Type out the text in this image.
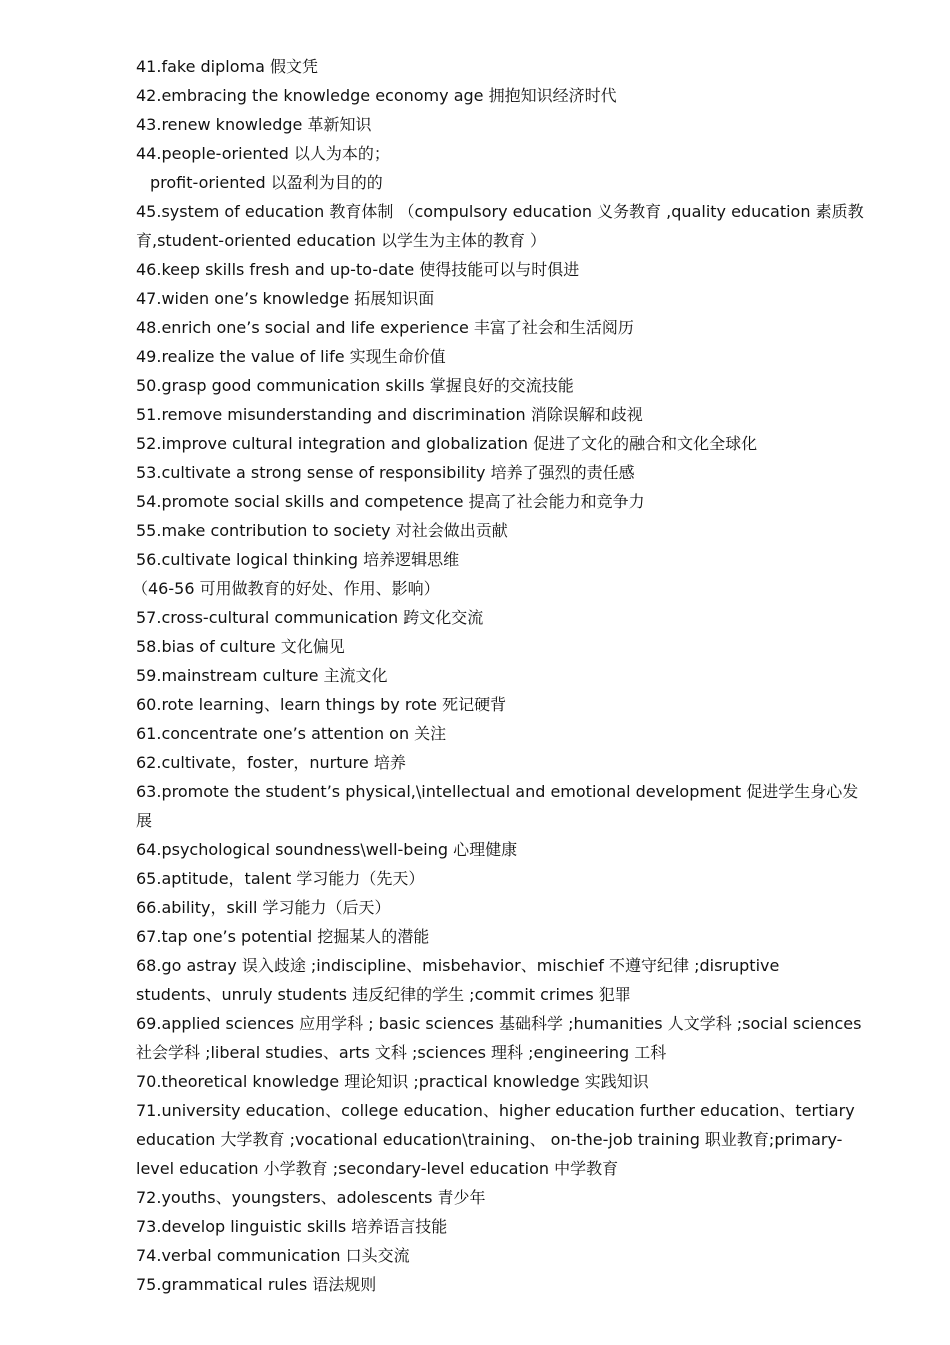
41.fake diploma 假文凭
42.embracing the knowledge economy age 拥抱知识经济时代
43.renew knowledge 革新知识
44.people-oriented 以人为本的；
profit-oriented 以盈利为目的的
45.system of education 教育体制 （compulsory education 义务教育 ,quality education 素质教育,student-oriented education 以学生为主体的教育 ）
46.keep skills fresh and up-to-date 使得技能可以与时俱进
47.widen one’s knowledge 拓展知识面
48.enrich one’s social and life experience 丰富了社会和生活阅历
49.realize the value of life 实现生命价值
50.grasp good communication skills 掌握良好的交流技能
51.remove misunderstanding and discrimination 消除误解和歧视
52.improve cultural integration and globalization 促进了文化的融合和文化全球化
53.cultivate a strong sense of responsibility 培养了强烈的责任感
54.promote social skills and competence 提高了社会能力和竞争力
55.make contribution to society 对社会做出贡献
56.cultivate logical thinking 培养逻辑思维
（46-56 可用做教育的好处、作用、影响）
57.cross-cultural communication 跨文化交流
58.bias of culture 文化偏见
59.mainstream culture 主流文化
60.rote learning、learn things by rote 死记硬背
61.concentrate one’s attention on 关注
62.cultivate，foster，nurture 培养
63.promote the student’s physical,\intellectual and emotional development 促进学生身心发展
64.psychological soundness\well-being 心理健康
65.aptitude，talent 学习能力（先天）
66.ability，skill 学习能力（后天）
67.tap one’s potential 挖掘某人的潜能
68.go astray 误入歧途 ;indiscipline、misbehavior、mischief 不遵守纪律 ;disruptive students、unruly students 违反纪律的学生 ;commit crimes 犯罪
69.applied sciences 应用学科 ; basic sciences 基础科学 ;humanities 人文学科 ;social sciences 社会学科 ;liberal studies、arts 文科 ;sciences 理科 ;engineering 工科
70.theoretical knowledge 理论知识 ;practical knowledge 实践知识
71.university education、college education、higher education further education、tertiary education 大学教育 ;vocational education\training、 on-the-job training 职业教育;primary-level education 小学教育 ;secondary-level education 中学教育
72.youths、youngsters、adolescents 青少年
73.develop linguistic skills 培养语言技能
74.verbal communication 口头交流
75.grammatical rules 语法规则
